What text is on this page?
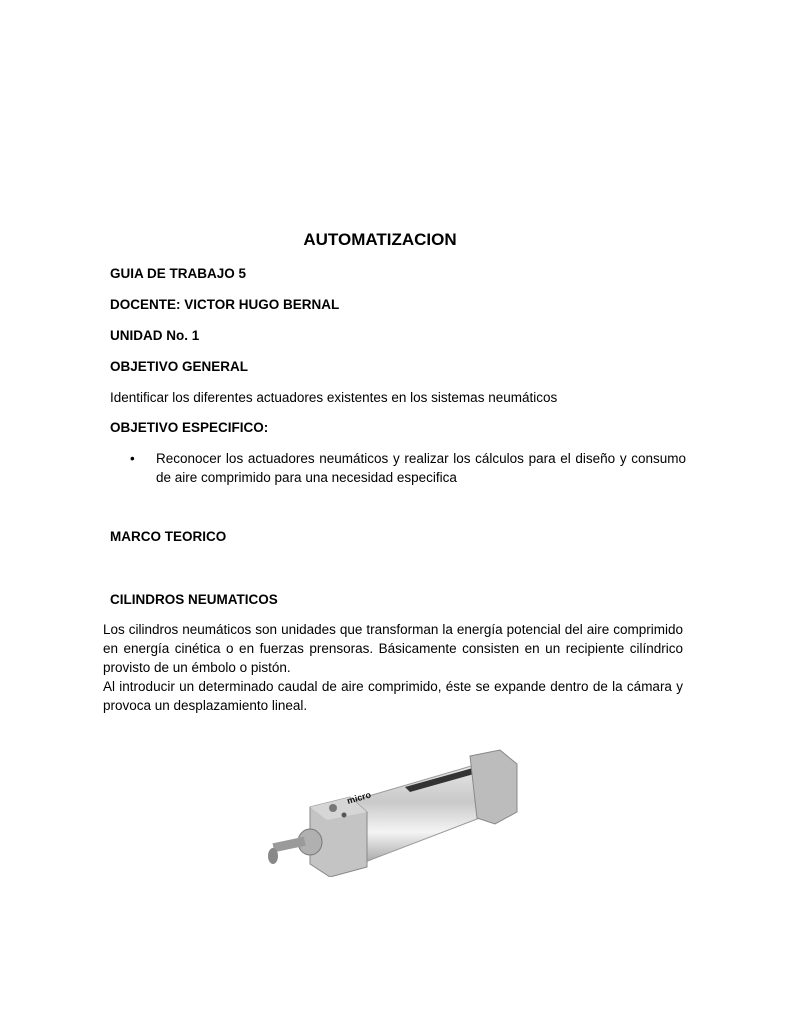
AUTOMATIZACION
GUIA DE TRABAJO 5
DOCENTE: VICTOR HUGO BERNAL
UNIDAD No. 1
OBJETIVO GENERAL
Identificar los diferentes actuadores existentes en los sistemas neumáticos
OBJETIVO ESPECIFICO:
• Reconocer los actuadores neumáticos y realizar los cálculos para el diseño y consumo de aire comprimido para una necesidad especifica
MARCO TEORICO
CILINDROS NEUMATICOS
Los cilindros neumáticos son unidades que transforman la energía potencial del aire comprimido en energía cinética o en fuerzas prensoras. Básicamente consisten en un recipiente cilíndrico provisto de un émbolo o pistón.
Al introducir un determinado caudal de aire comprimido, éste se expande dentro de la cámara y provoca un desplazamiento lineal.
micro
